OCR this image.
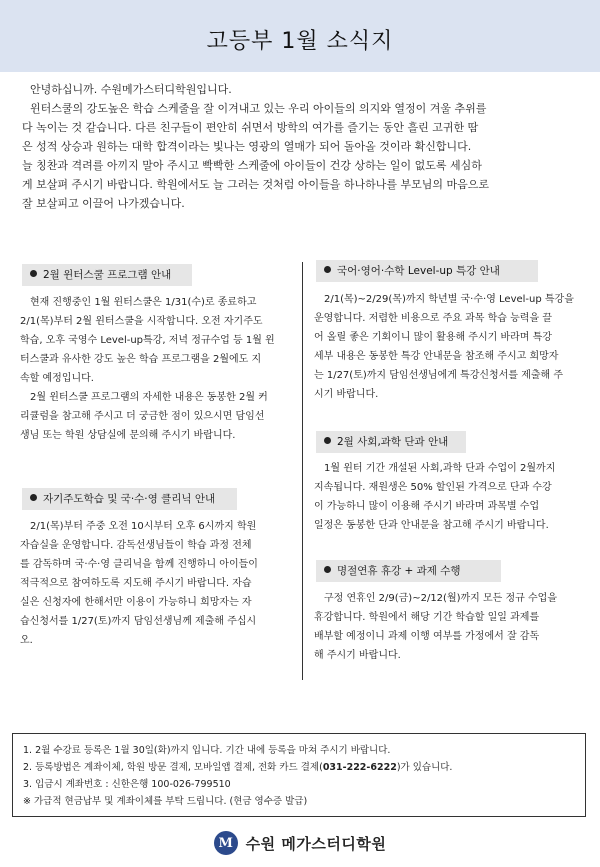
고등부 1월 소식지

안녕하십니까. 수원메가스터디학원입니다.

윈터스쿨의 강도높은 학습 스케줄을 잘 이겨내고 있는 우리 아이들의 의지와 열정이 겨울 추위를

다 녹이는 것 같습니다. 다른 친구들이 편안히 쉬면서 방학의 여가를 즐기는 동안 흘린 고귀한 땀

은 성적 상승과 원하는 대학 합격이라는 빛나는 영광의 열매가 되어 돌아올 것이라 확신합니다.

늘 칭찬과 격려를 아끼지 말아 주시고 빡빡한 스케줄에 아이들이 건강 상하는 일이 없도록 세심하

게 보살펴 주시기 바랍니다. 학원에서도 늘 그러는 것처럼 아이들을 하나하나를 부모님의 마음으로

잘 보살피고 이끌어 나가겠습니다.

2월 윈터스쿨 프로그램 안내

현재 진행중인 1월 윈터스쿨은 1/31(수)로 종료하고

2/1(목)부터 2월 윈터스쿨을 시작합니다. 오전 자기주도

학습, 오후 국영수 Level-up특강, 저녁 정규수업 등 1월 윈

터스쿨과 유사한 강도 높은 학습 프로그램을 2월에도 지

속할 예정입니다.

2월 윈터스쿨 프로그램의 자세한 내용은 동봉한 2월 커

리큘럼을 참고해 주시고 더 궁금한 점이 있으시면 담임선

생님 또는 학원 상담실에 문의해 주시기 바랍니다.

자기주도학습 및 국·수·영 클리닉 안내

2/1(목)부터 주중 오전 10시부터 오후 6시까지 학원

자습실을 운영합니다. 감독선생님들이 학습 과정 전체

를 감독하며 국·수·영 클리닉을 함께 진행하니 아이들이

적극적으로 참여하도록 지도해 주시기 바랍니다. 자습

실은 신청자에 한해서만 이용이 가능하니 희망자는 자

습신청서를 1/27(토)까지 담임선생님께 제출해 주십시

오.

국어·영어·수학 Level-up 특강 안내

2/1(목)~2/29(목)까지 학년별 국·수·영 Level-up 특강을

운영합니다. 저렴한 비용으로 주요 과목 학습 능력을 끌

어 올릴 좋은 기회이니 많이 활용해 주시기 바라며 특강

세부 내용은 동봉한 특강 안내문을 참조해 주시고 희망자

는 1/27(토)까지 담임선생님에게 특강신청서를 제출해 주

시기 바랍니다.

2월 사회,과학 단과 안내

1월 윈터 기간 개설된 사회,과학 단과 수업이 2월까지

지속됩니다. 재원생은 50% 할인된 가격으로 단과 수강

이 가능하니 많이 이용해 주시기 바라며 과목별 수업

일정은 동봉한 단과 안내문을 참고해 주시기 바랍니다.

명절연휴 휴강 + 과제 수행

구정 연휴인 2/9(금)~2/12(월)까지 모든 정규 수업을

휴강합니다. 학원에서 해당 기간 학습할 일일 과제를

배부할 예정이니 과제 이행 여부를 가정에서 잘 감독

해 주시기 바랍니다.

1. 2월 수강료 등록은 1월 30일(화)까지 입니다. 기간 내에 등록을 마쳐 주시기 바랍니다.

2. 등록방법은 계좌이체, 학원 방문 결제, 모바일앱 결제, 전화 카드 결제(031-222-6222)가 있습니다.

3. 입금시 계좌번호 : 신한은행 100-026-799510

※ 가급적 현금납부 및 계좌이체를 부탁 드립니다. (현금 영수증 발급)

M 수원 메가스터디학원
